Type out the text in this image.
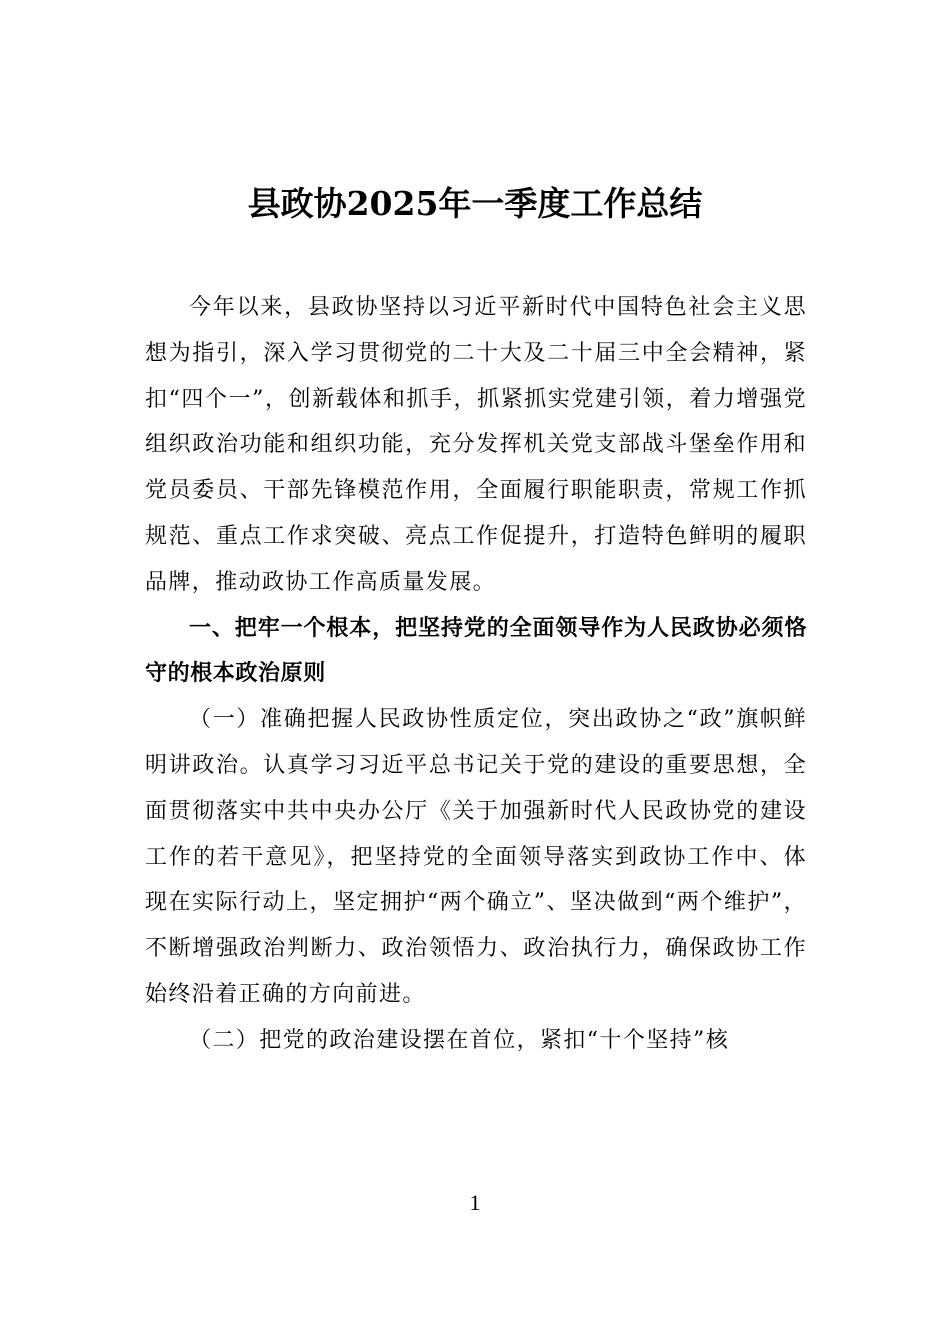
县政协2025年一季度工作总结

今年以来，县政协坚持以习近平新时代中国特色社会主义思想为指引，深入学习贯彻党的二十大及二十届三中全会精神，紧扣“四个一”，创新载体和抓手，抓紧抓实党建引领，着力增强党组织政治功能和组织功能，充分发挥机关党支部战斗堡垒作用和党员委员、干部先锋模范作用，全面履行职能职责，常规工作抓规范、重点工作求突破、亮点工作促提升，打造特色鲜明的履职品牌，推动政协工作高质量发展。

一、把牢一个根本，把坚持党的全面领导作为人民政协必须恪守的根本政治原则

（一）准确把握人民政协性质定位，突出政协之“政”旗帜鲜明讲政治。认真学习习近平总书记关于党的建设的重要思想，全面贯彻落实中共中央办公厅《关于加强新时代人民政协党的建设工作的若干意见》，把坚持党的全面领导落实到政协工作中、体现在实际行动上，坚定拥护“两个确立”、坚决做到“两个维护”，不断增强政治判断力、政治领悟力、政治执行力，确保政协工作始终沿着正确的方向前进。

（二）把党的政治建设摆在首位，紧扣“十个坚持”核

1
